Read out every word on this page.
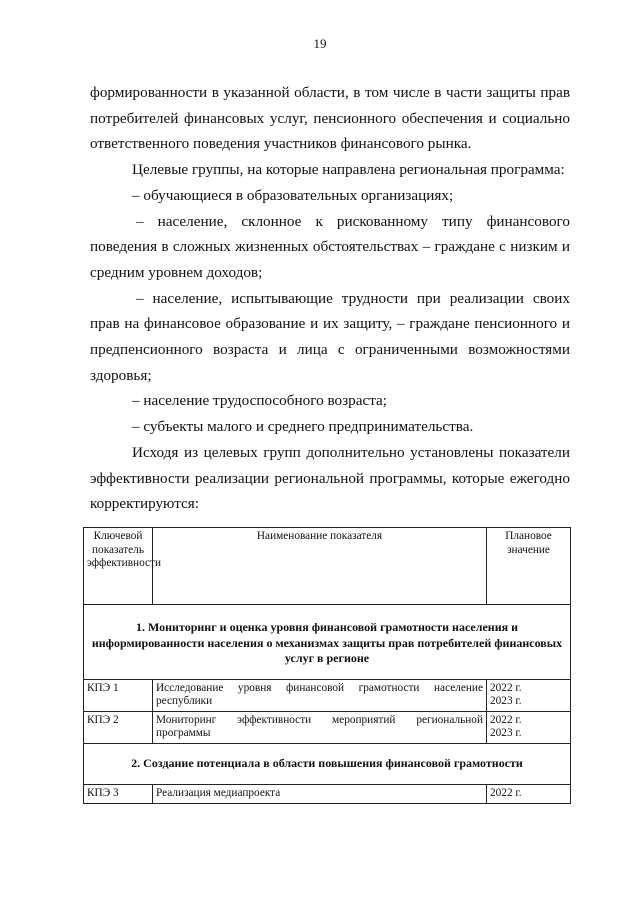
19

формированности в указанной области, в том числе в части защиты прав потребителей финансовых услуг, пенсионного обеспечения и социально ответственного поведения участников финансового рынка.

Целевые группы, на которые направлена региональная программа:

– обучающиеся в образовательных организациях;

– население, склонное к рискованному типу финансового поведения в сложных жизненных обстоятельствах – граждане с низким и средним уровнем доходов;

– население, испытывающие трудности при реализации своих прав на финансовое образование и их защиту, – граждане пенсионного и предпенсионного возраста и лица с ограниченными возможностями здоровья;

– население трудоспособного возраста;

– субъекты малого и среднего предпринимательства.

Исходя из целевых групп дополнительно установлены показатели эффективности реализации региональной программы, которые ежегодно корректируются:

Ключевой показатель эффективности	Наименование показателя	Плановое значение
1. Мониторинг и оценка уровня финансовой грамотности населения и информированности населения о механизмах защиты прав потребителей финансовых услуг в регионе		
КПЭ 1	Исследование уровня финансовой грамотности население республики	2022 г.
2023 г.

КПЭ 2	Мониторинг эффективности мероприятий региональной программы	2022 г.
2023 г.

2. Создание потенциала в области повышения финансовой грамотности		
КПЭ 3	Реализация медиапроекта	2022 г.
